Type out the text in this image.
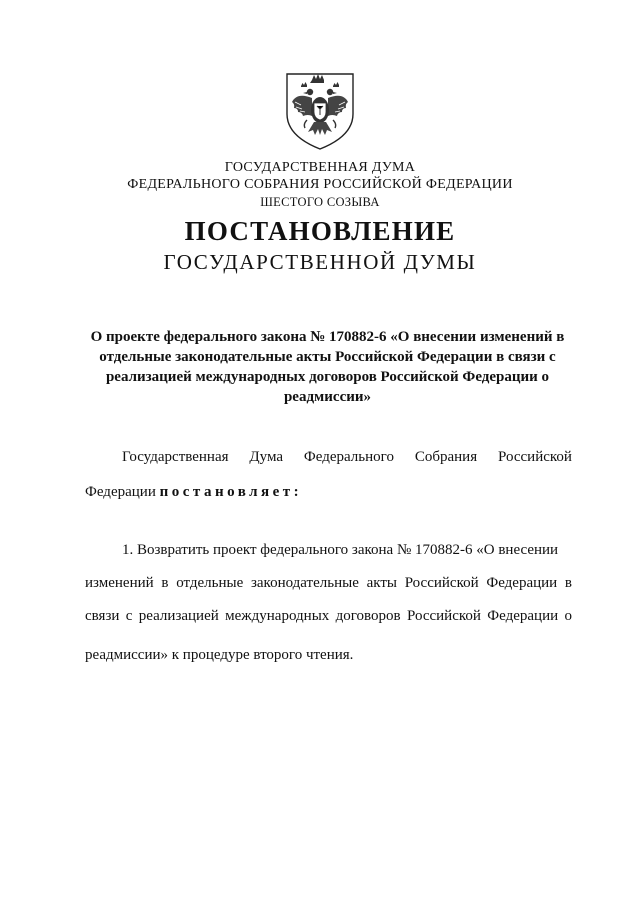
ГОСУДАРСТВЕННАЯ ДУМА
ФЕДЕРАЛЬНОГО СОБРАНИЯ РОССИЙСКОЙ ФЕДЕРАЦИИ
ШЕСТОГО СОЗЫВА
ПОСТАНОВЛЕНИЕ
ГОСУДАРСТВЕННОЙ ДУМЫ
О проекте федерального закона № 170882-6 «О внесении изменений в отдельные законодательные акты Российской Федерации в связи с реализацией международных договоров Российской Федерации о реадмиссии»
Государственная Дума Федерального Собрания Российской
Федерации постановляет:
1. Возвратить проект федерального закона № 170882-6 «О внесении
изменений в отдельные законодательные акты Российской Федерации в
связи с реализацией международных договоров Российской Федерации о
реадмиссии» к процедуре второго чтения.
